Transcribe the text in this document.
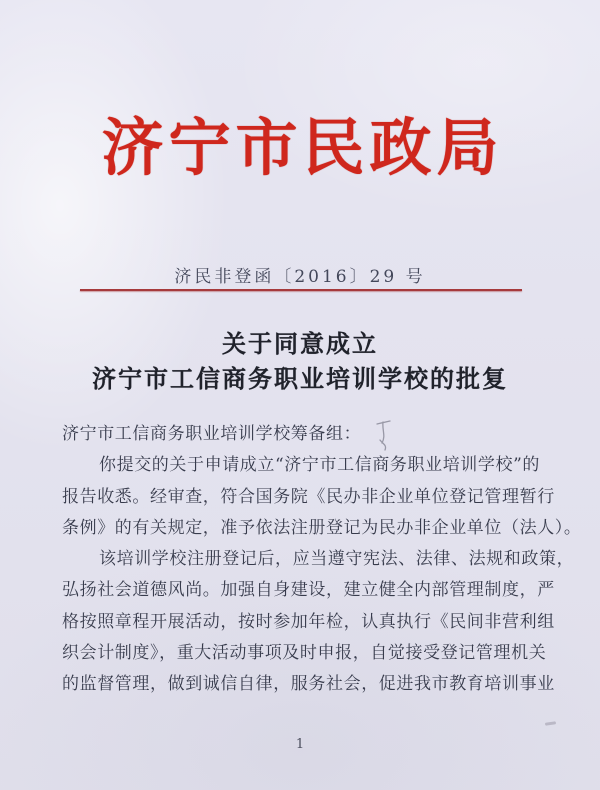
济宁市民政局
济民非登函〔2016〕29 号
关于同意成立
济宁市工信商务职业培训学校的批复

济宁市工信商务职业培训学校筹备组：

你提交的关于申请成立“济宁市工信商务职业培训学校”的

报告收悉。经审查，符合国务院《民办非企业单位登记管理暂行

条例》的有关规定，准予依法注册登记为民办非企业单位（法人）。

该培训学校注册登记后，应当遵守宪法、法律、法规和政策，

弘扬社会道德风尚。加强自身建设，建立健全内部管理制度，严

格按照章程开展活动，按时参加年检，认真执行《民间非营利组

织会计制度》，重大活动事项及时申报，自觉接受登记管理机关

的监督管理，做到诚信自律，服务社会，促进我市教育培训事业

1
